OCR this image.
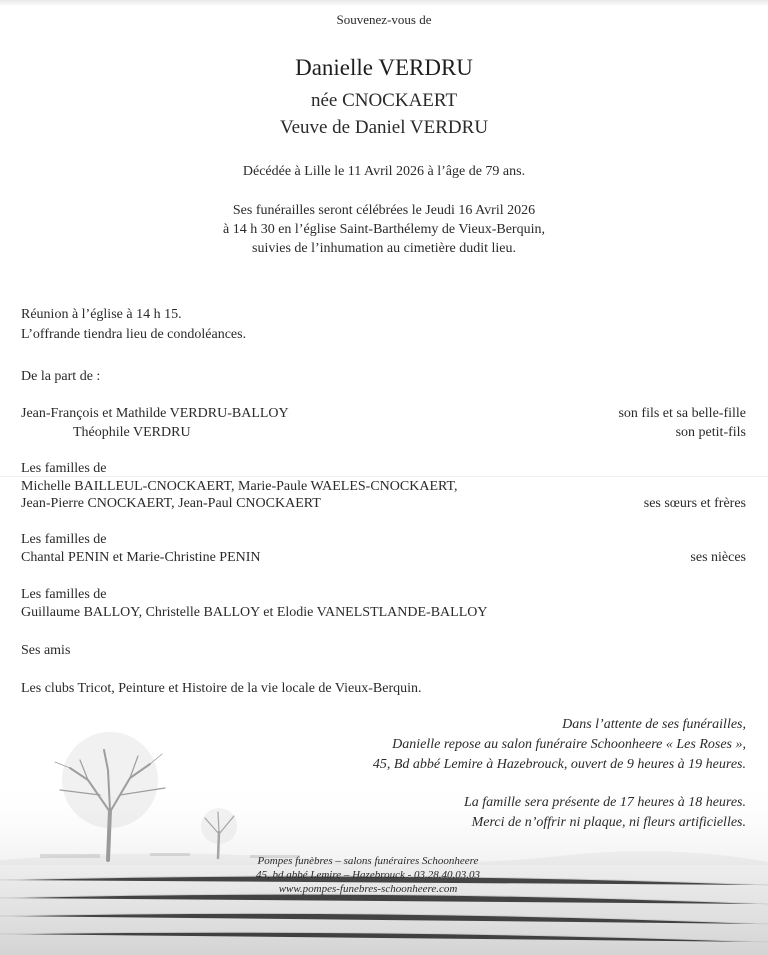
Souvenez-vous de
Danielle VERDRU
née CNOCKAERT
Veuve de Daniel VERDRU
Décédée à Lille le 11 Avril 2026 à l’âge de 79 ans.
Ses funérailles seront célébrées le Jeudi 16 Avril 2026
à 14 h 30 en l’église Saint-Barthélemy de Vieux-Berquin,
suivies de l’inhumation au cimetière dudit lieu.
Réunion à l’église à 14 h 15.
L’offrande tiendra lieu de condoléances.
De la part de :
Jean-François et Mathilde VERDRU-BALLOY	son fils et sa belle-fille
Théophile VERDRU	son petit-fils
Les familles de
Michelle BAILLEUL-CNOCKAERT, Marie-Paule WAELES-CNOCKAERT,
Jean-Pierre CNOCKAERT, Jean-Paul CNOCKAERT	ses sœurs et frères
Les familles de
Chantal PENIN et Marie-Christine PENIN	ses nièces
Les familles de
Guillaume BALLOY, Christelle BALLOY et Elodie VANELSTLANDE-BALLOY
Ses amis
Les clubs Tricot, Peinture et Histoire de la vie locale de Vieux-Berquin.
Dans l’attente de ses funérailles,
Danielle repose au salon funéraire Schoonheere « Les Roses »,
45, Bd abbé Lemire à Hazebrouck, ouvert de 9 heures à 19 heures.
La famille sera présente de 17 heures à 18 heures.
Merci de n’offrir ni plaque, ni fleurs artificielles.
Pompes funèbres – salons funéraires Schoonheere
45, bd abbé Lemire – Hazebrouck - 03.28.40.03.03
www.pompes-funebres-schoonheere.com
